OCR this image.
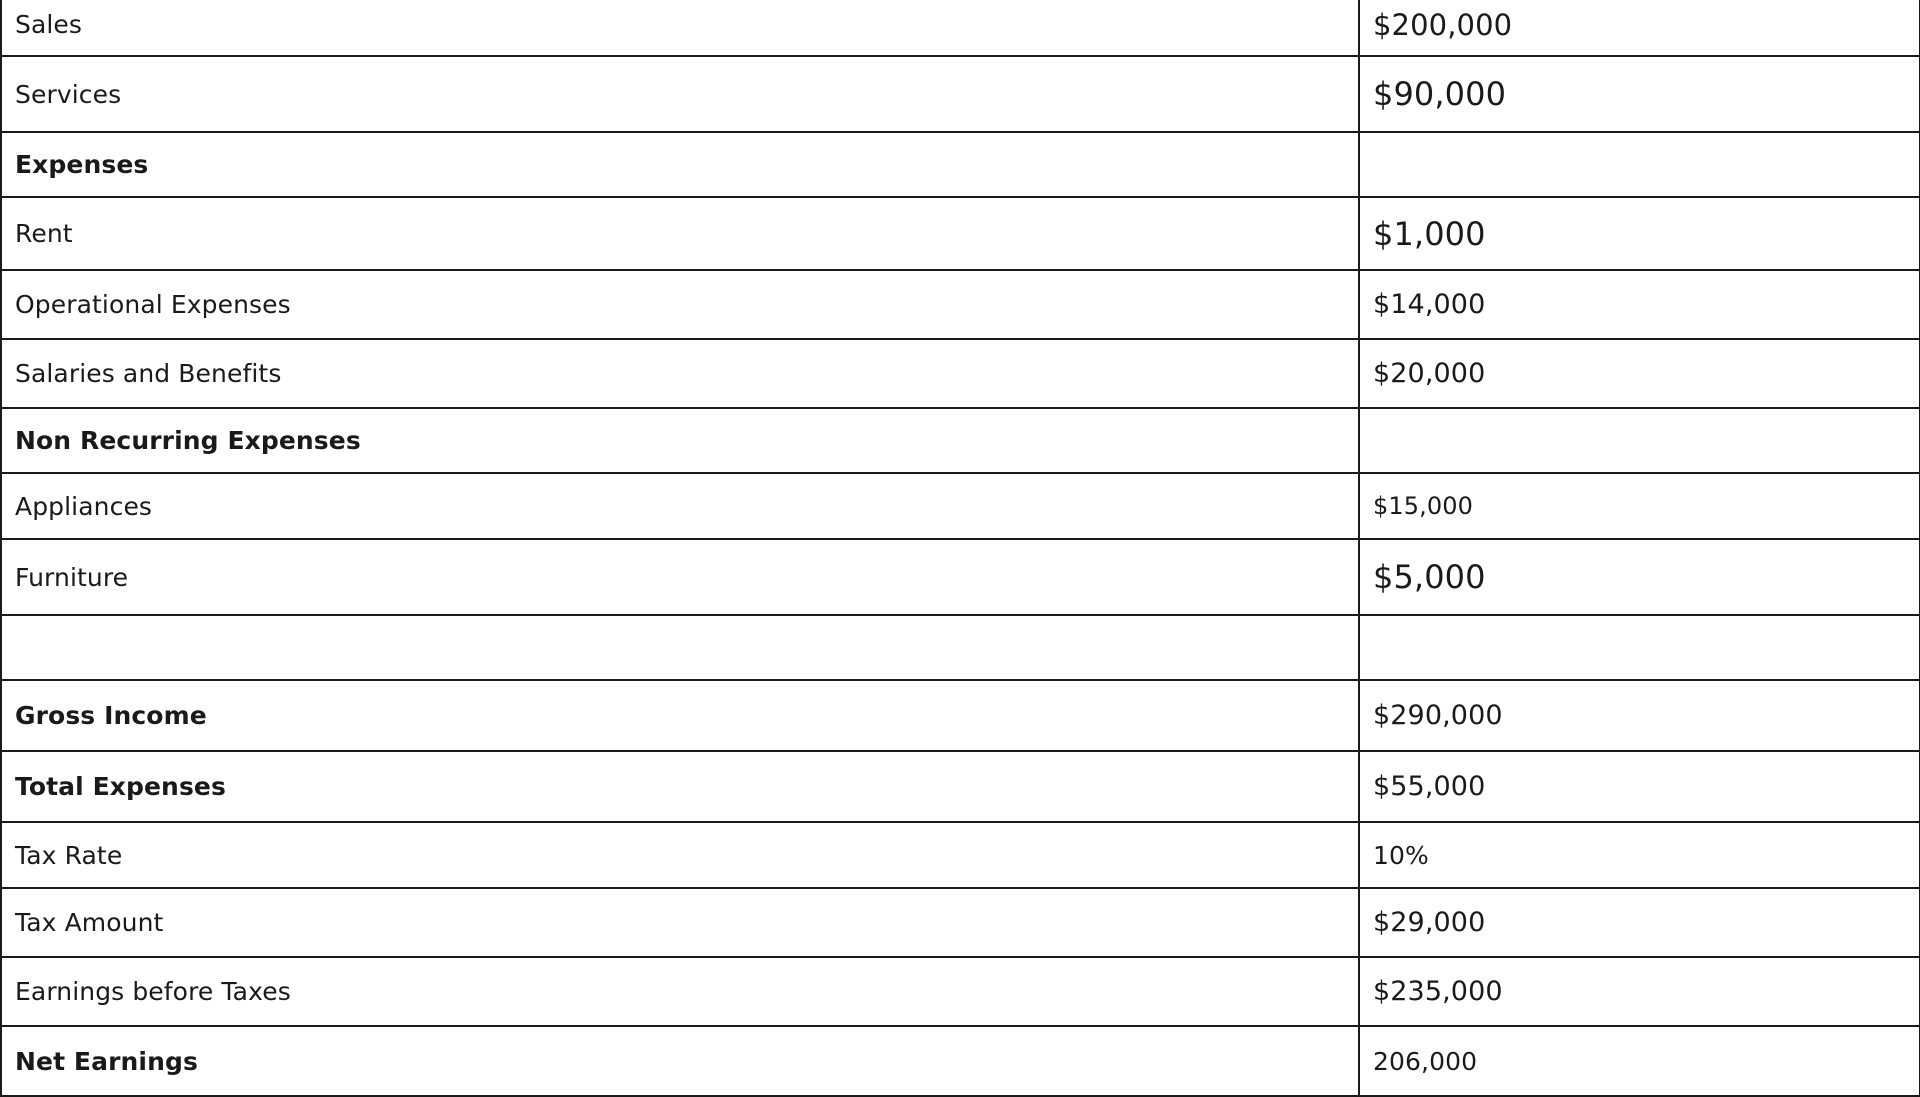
Sales	$200,000
Services	$90,000
Expenses	
Rent	$1,000
Operational Expenses	$14,000
Salaries and Benefits	$20,000
Non Recurring Expenses	
Appliances	$15,000
Furniture	$5,000

Gross Income	$290,000
Total Expenses	$55,000
Tax Rate	10%
Tax Amount	$29,000
Earnings before Taxes	$235,000
Net Earnings	206,000
